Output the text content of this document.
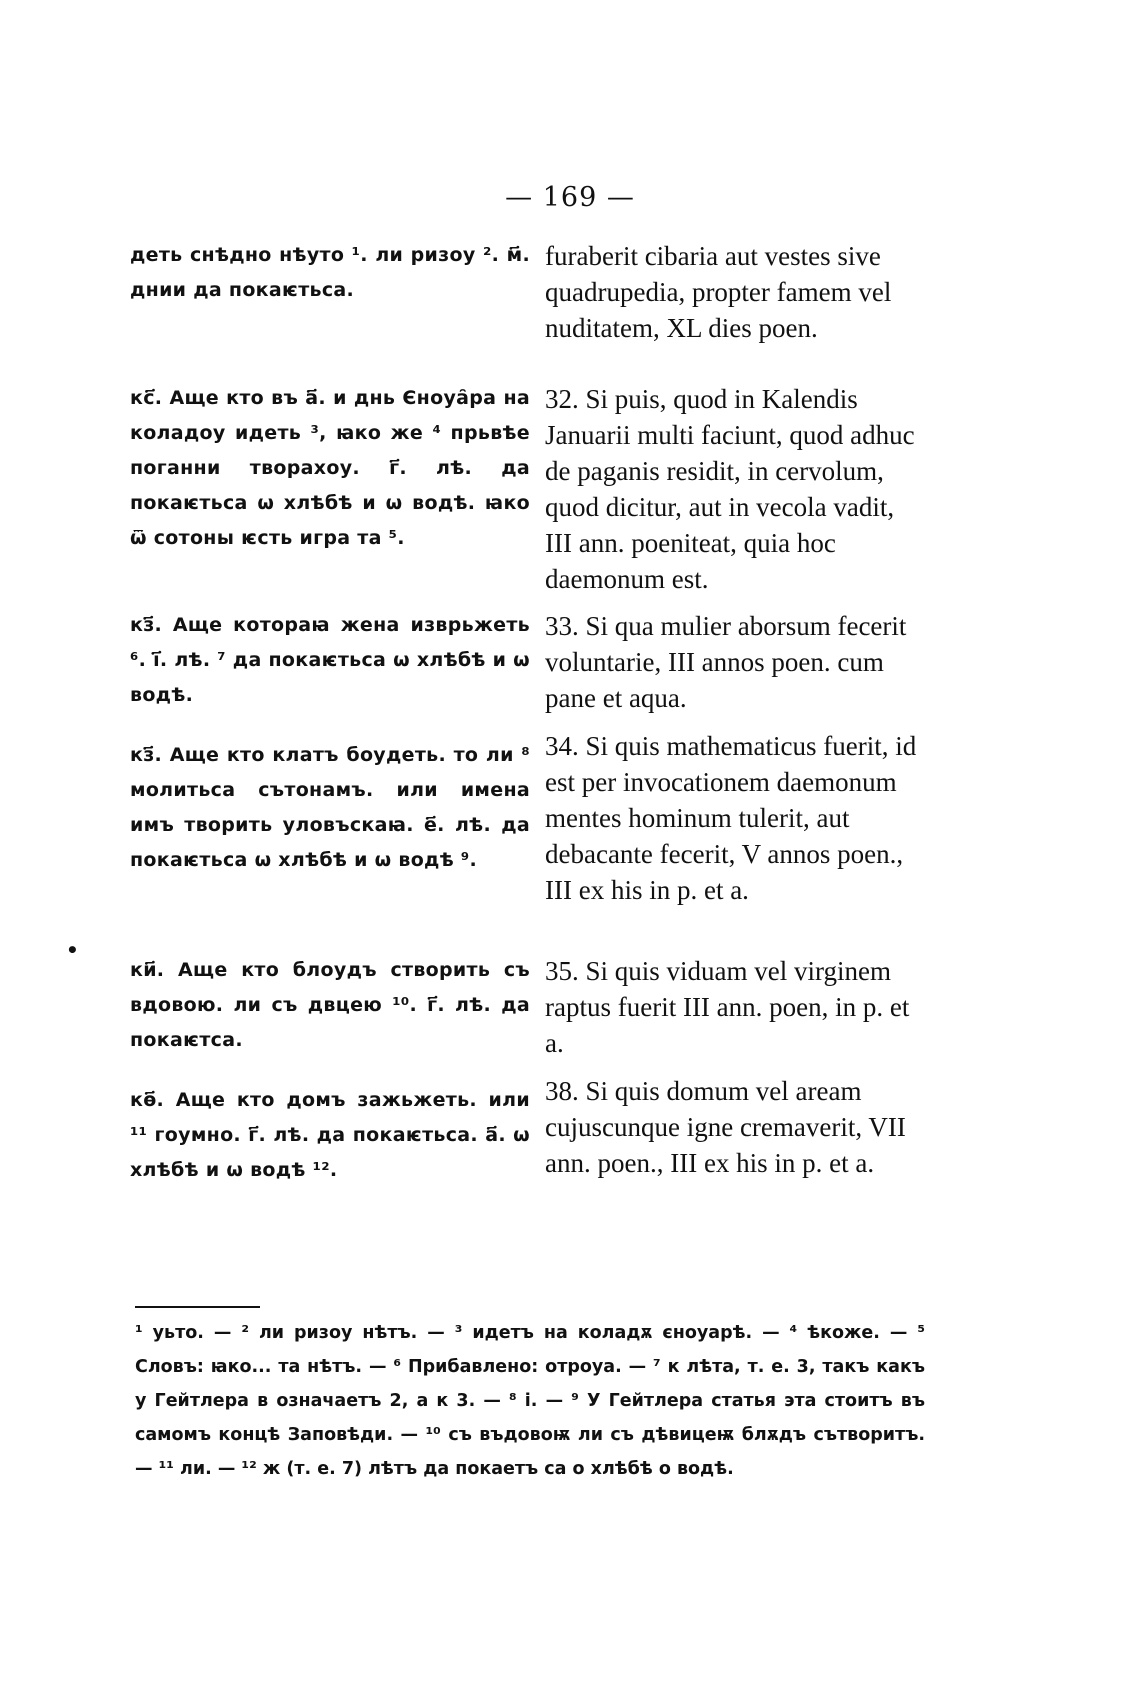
— 169 —
деть снѣдно нѣуто ¹. ли ризоу ². м҃. днии да покаѥтьса.
кс҃. Аще кто въ а҃. и днь Єноуа̑ра на коладоу идеть ³, ꙗко же ⁴ прьвѣе поганни творахоу. г҃. лѣ. да покаѥтьса ѡ хлѣбѣ и ѡ водѣ. ꙗко ѿ сотоны ѥсть игра та ⁵.
кз҃. Аще котораꙗ жена изврьжеть ⁶. і҃. лѣ. ⁷ да покаѥтьса ѡ хлѣбѣ и ѡ водѣ.
кз҃. Аще кто клатъ боудеть. то ли ⁸ молитьса сътонамъ. или имена имъ творить уловъскаꙗ. е҃. лѣ. да покаѥтьса ѡ хлѣбѣ и ѡ водѣ ⁹.
ки҃. Аще кто блоудъ створить съ вдовою. ли съ двцею ¹⁰. г҃. лѣ. да покаѥтса.
кѳ҃. Аще кто домъ зажьжеть. или ¹¹ гоумно. г҃. лѣ. да покаѥтьса. а҃. ѡ хлѣбѣ и ѡ водѣ ¹².
furaberit cibaria aut vestes sive quadrupedia, propter famem vel nuditatem, XL dies poen.
32. Si puis, quod in Kalendis Januarii multi faciunt, quod adhuc de paganis residit, in cervolum, quod dicitur, aut in vecola vadit, III ann. poeniteat, quia hoc daemonum est.
33. Si qua mulier aborsum fecerit voluntarie, III annos poen. cum pane et aqua.
34. Si quis mathematicus fuerit, id est per invocationem daemonum mentes hominum tulerit, aut debacante fecerit, V annos poen., III ex his in p. et a.
35. Si quis viduam vel virginem raptus fuerit III ann. poen, in p. et a.
38. Si quis domum vel aream cujuscunque igne cremaverit, VII ann. poen., III ex his in p. et a.
•
¹ уьто. — ² ли ризоу нѣтъ. — ³ идетъ на коладѫ єноуарѣ. — ⁴ ѣкоже. — ⁵ Словъ: ꙗко... та нѣтъ. — ⁶ Прибавлено: отроуа. — ⁷ к лѣта, т. е. 3, такъ какъ у Гейтлера в означаетъ 2, а к 3. — ⁸ і. — ⁹ У Гейтлера статья эта стоитъ въ самомъ концѣ Заповѣди. — ¹⁰ съ въдовоѭ ли съ дѣвицеѭ блѫдъ сътворитъ. — ¹¹ ли. — ¹² ж (т. е. 7) лѣтъ да покаетъ са о хлѣбѣ о водѣ.
